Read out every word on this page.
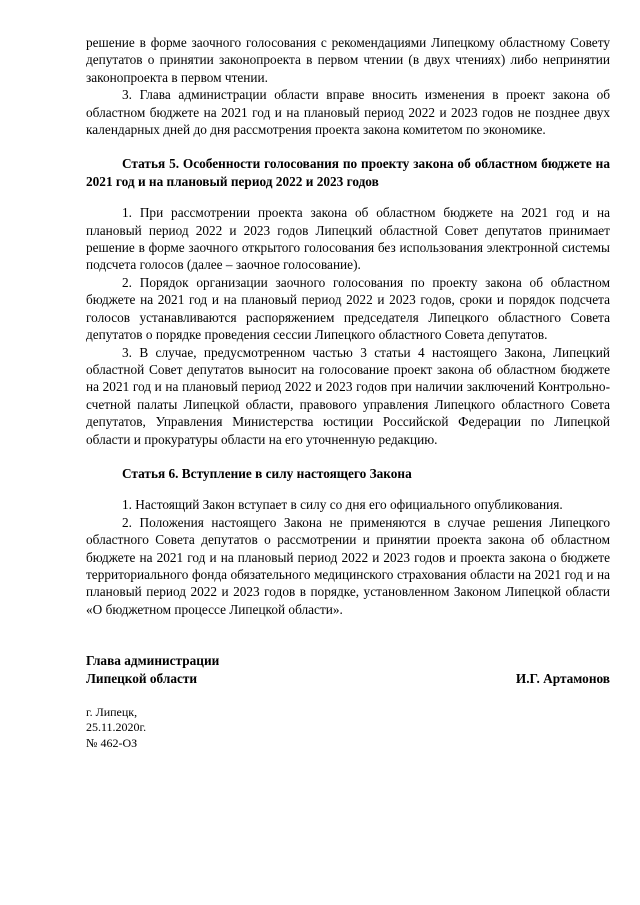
решение в форме заочного голосования с рекомендациями Липецкому областному Совету депутатов о принятии законопроекта в первом чтении (в двух чтениях) либо непринятии законопроекта в первом чтении.

3. Глава администрации области вправе вносить изменения в проект закона об областном бюджете на 2021 год и на плановый период 2022 и 2023 годов не позднее двух календарных дней до дня рассмотрения проекта закона комитетом по экономике.

Статья 5. Особенности голосования по проекту закона об областном бюджете на 2021 год и на плановый период 2022 и 2023 годов

1. При рассмотрении проекта закона об областном бюджете на 2021 год и на плановый период 2022 и 2023 годов Липецкий областной Совет депутатов принимает решение в форме заочного открытого голосования без использования электронной системы подсчета голосов (далее – заочное голосование).

2. Порядок организации заочного голосования по проекту закона об областном бюджете на 2021 год и на плановый период 2022 и 2023 годов, сроки и порядок подсчета голосов устанавливаются распоряжением председателя Липецкого областного Совета депутатов о порядке проведения сессии Липецкого областного Совета депутатов.

3. В случае, предусмотренном частью 3 статьи 4 настоящего Закона, Липецкий областной Совет депутатов выносит на голосование проект закона об областном бюджете на 2021 год и на плановый период 2022 и 2023 годов при наличии заключений Контрольно-счетной палаты Липецкой области, правового управления Липецкого областного Совета депутатов, Управления Министерства юстиции Российской Федерации по Липецкой области и прокуратуры области на его уточненную редакцию.

Статья 6. Вступление в силу настоящего Закона

1. Настоящий Закон вступает в силу со дня его официального опубликования.

2. Положения настоящего Закона не применяются в случае решения Липецкого областного Совета депутатов о рассмотрении и принятии проекта закона об областном бюджете на 2021 год и на плановый период 2022 и 2023 годов и проекта закона о бюджете территориального фонда обязательного медицинского страхования области на 2021 год и на плановый период 2022 и 2023 годов в порядке, установленном Законом Липецкой области «О бюджетном процессе Липецкой области».

Глава администрации
Липецкой области	И.Г. Артамонов
г. Липецк,
25.11.2020г.
№ 462-ОЗ
